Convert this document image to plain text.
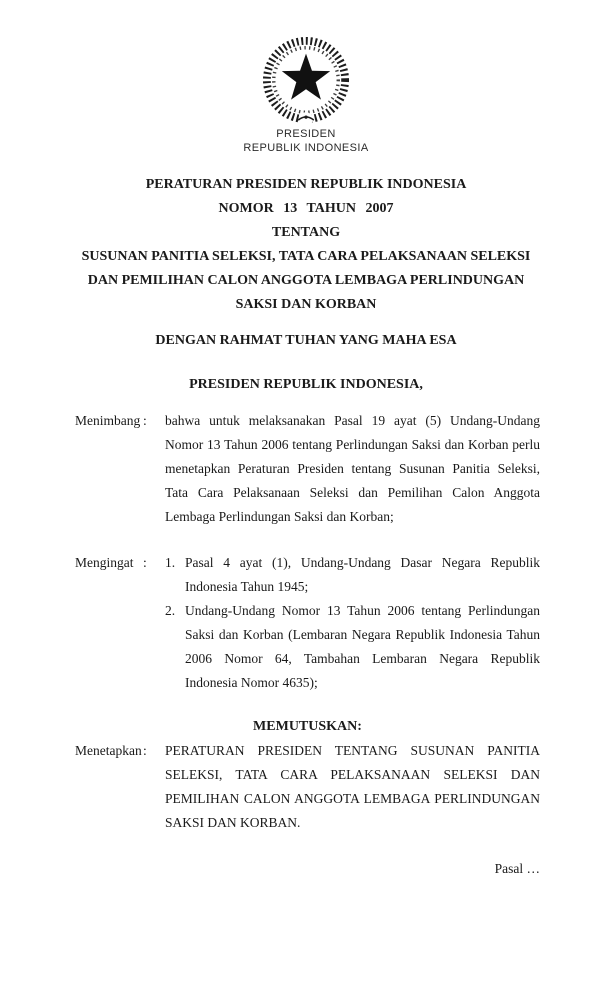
PRESIDEN
REPUBLIK INDONESIA
PERATURAN PRESIDEN REPUBLIK INDONESIA
NOMOR 13 TAHUN 2007
TENTANG
SUSUNAN PANITIA SELEKSI, TATA CARA PELAKSANAAN SELEKSI
DAN PEMILIHAN CALON ANGGOTA LEMBAGA PERLINDUNGAN
SAKSI DAN KORBAN
DENGAN RAHMAT TUHAN YANG MAHA ESA
PRESIDEN REPUBLIK INDONESIA,
Menimbang :	bahwa untuk melaksanakan Pasal 19 ayat (5) Undang-Undang Nomor 13 Tahun 2006 tentang Perlindungan Saksi dan Korban perlu menetapkan Peraturan Presiden tentang Susunan Panitia Seleksi, Tata Cara Pelaksanaan Seleksi dan Pemilihan Calon Anggota Lembaga Perlindungan Saksi dan Korban;
Mengingat :	1. Pasal 4 ayat (1), Undang-Undang Dasar Negara Republik Indonesia Tahun 1945;
2. Undang-Undang Nomor 13 Tahun 2006 tentang Perlindungan Saksi dan Korban (Lembaran Negara Republik Indonesia Tahun 2006 Nomor 64, Tambahan Lembaran Negara Republik Indonesia Nomor 4635);
MEMUTUSKAN:
Menetapkan :	PERATURAN PRESIDEN TENTANG SUSUNAN PANITIA SELEKSI, TATA CARA PELAKSANAAN SELEKSI DAN PEMILIHAN CALON ANGGOTA LEMBAGA PERLINDUNGAN SAKSI DAN KORBAN.
Pasal …
